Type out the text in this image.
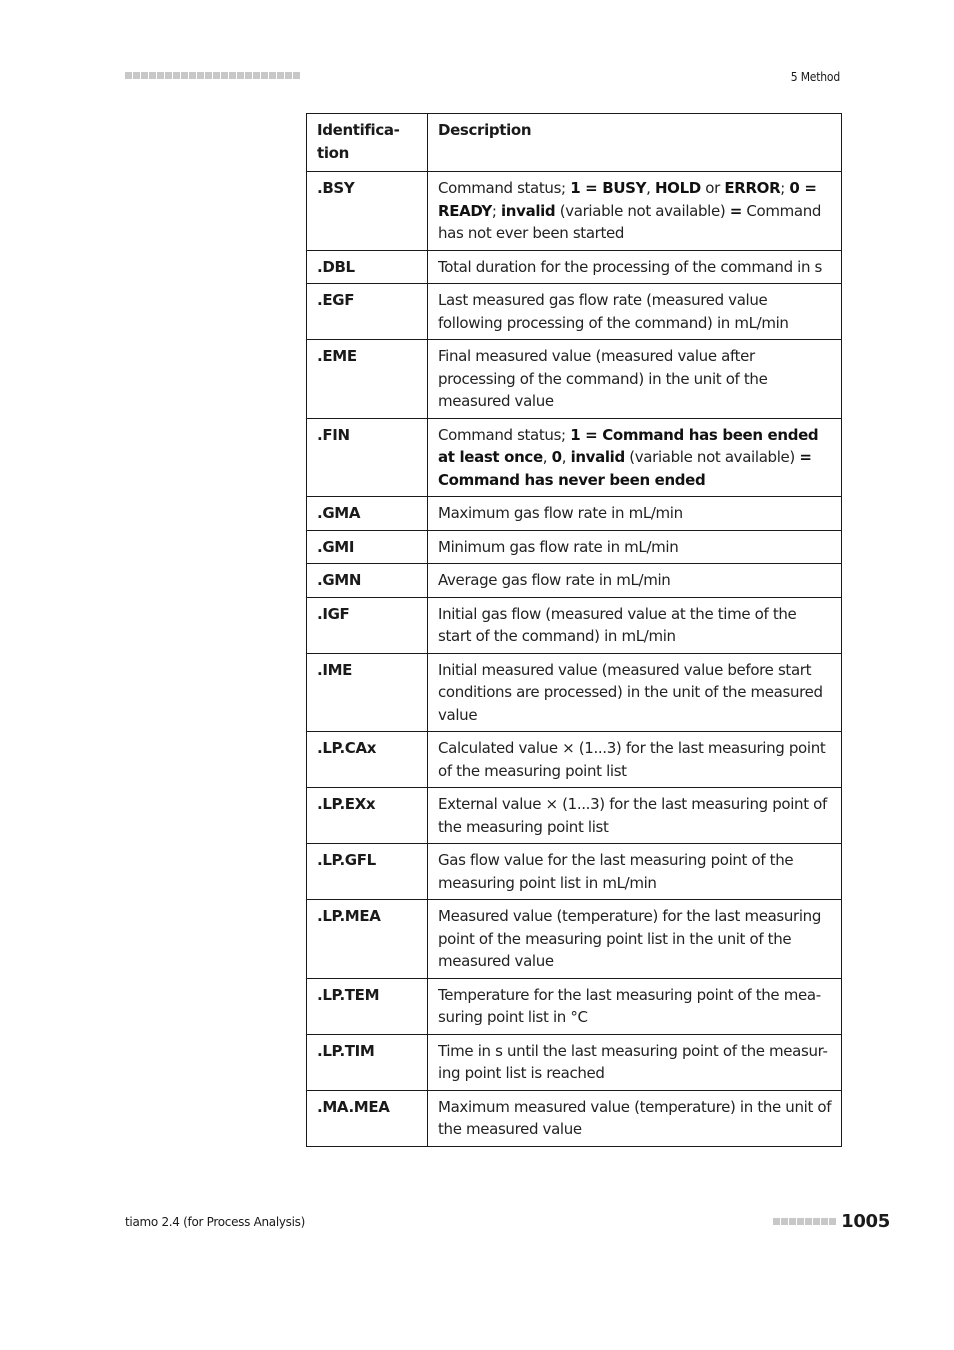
5 Method
Identifica-
tion	Description
.BSY	Command status; 1 = BUSY, HOLD or ERROR; 0 = READY; invalid (variable not available) = Command has not ever been started
.DBL	Total duration for the processing of the command in s
.EGF	Last measured gas flow rate (measured value following processing of the command) in mL/min
.EME	Final measured value (measured value after processing of the command) in the unit of the measured value
.FIN	Command status; 1 = Command has been ended at least once, 0, invalid (variable not available) = Command has never been ended
.GMA	Maximum gas flow rate in mL/min
.GMI	Minimum gas flow rate in mL/min
.GMN	Average gas flow rate in mL/min
.IGF	Initial gas flow (measured value at the time of the start of the command) in mL/min
.IME	Initial measured value (measured value before start conditions are processed) in the unit of the measured value
.LP.CAx	Calculated value × (1...3) for the last measuring point of the measuring point list
.LP.EXx	External value × (1...3) for the last measuring point of the measuring point list
.LP.GFL	Gas flow value for the last measuring point of the measuring point list in mL/min
.LP.MEA	Measured value (temperature) for the last measuring point of the measuring point list in the unit of the measured value
.LP.TEM	Temperature for the last measuring point of the mea-suring point list in °C
.LP.TIM	Time in s until the last measuring point of the measur-ing point list is reached
.MA.MEA	Maximum measured value (temperature) in the unit of the measured value
tiamo 2.4 (for Process Analysis)	1005
